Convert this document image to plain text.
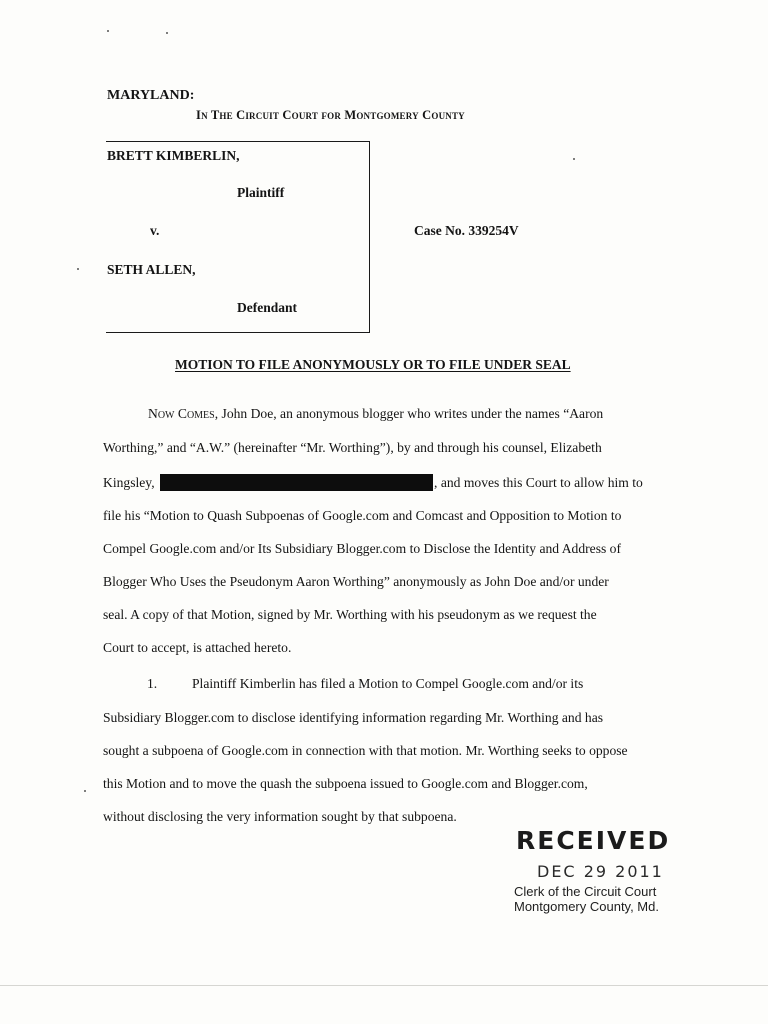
MARYLAND:
In The Circuit Court for Montgomery County
BRETT KIMBERLIN,
Plaintiff
v.
SETH ALLEN,
Defendant
Case No. 339254V
MOTION TO FILE ANONYMOUSLY OR TO FILE UNDER SEAL
Now Comes, John Doe, an anonymous blogger who writes under the names “Aaron
Worthing,” and “A.W.” (hereinafter “Mr. Worthing”), by and through his counsel, Elizabeth
Kingsley,	, and moves this Court to allow him to
file his “Motion to Quash Subpoenas of Google.com and Comcast and Opposition to Motion to
Compel Google.com and/or Its Subsidiary Blogger.com to Disclose the Identity and Address of
Blogger Who Uses the Pseudonym Aaron Worthing” anonymously as John Doe and/or under
seal. A copy of that Motion, signed by Mr. Worthing with his pseudonym as we request the
Court to accept, is attached hereto.
1.	Plaintiff Kimberlin has filed a Motion to Compel Google.com and/or its
Subsidiary Blogger.com to disclose identifying information regarding Mr. Worthing and has
sought a subpoena of Google.com in connection with that motion. Mr. Worthing seeks to oppose
this Motion and to move the quash the subpoena issued to Google.com and Blogger.com,
without disclosing the very information sought by that subpoena.
RECEIVED
DEC 29 2011
Clerk of the Circuit Court
Montgomery County, Md.
